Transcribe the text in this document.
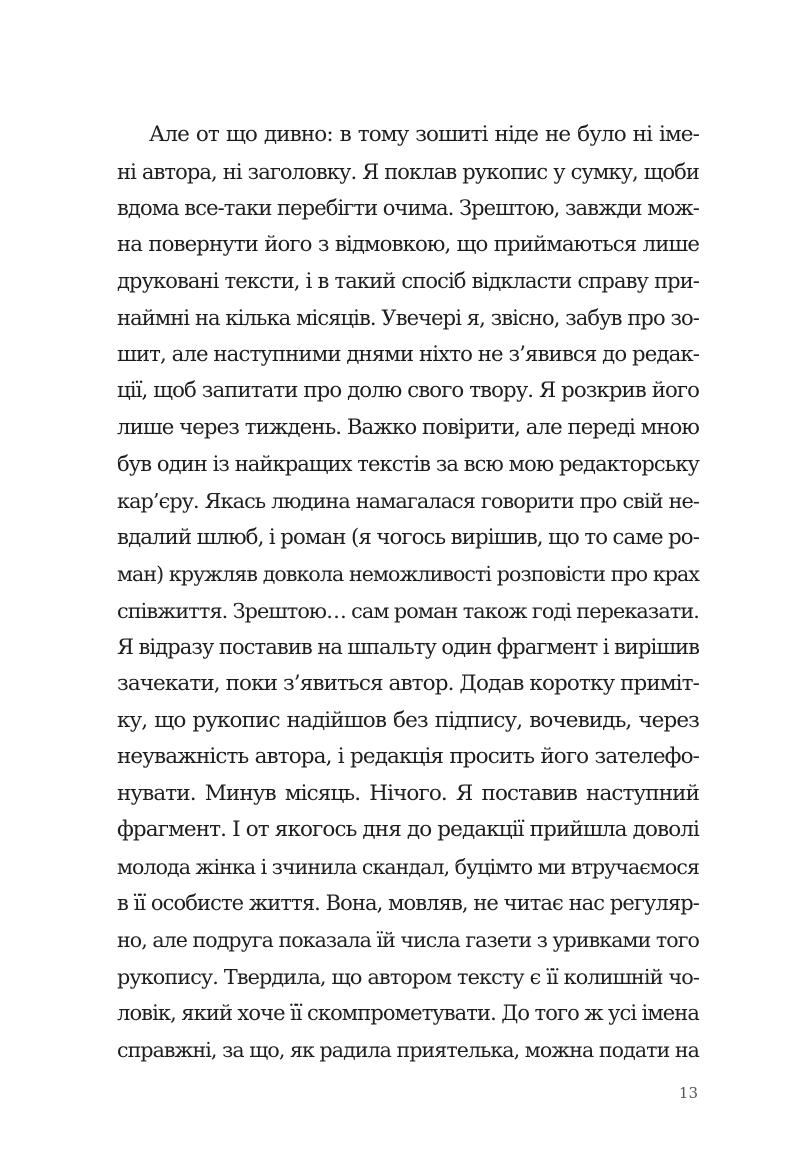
Але от що дивно: в тому зошиті ніде не було ні іме-
ні автора, ні заголовку. Я поклав рукопис у сумку, щоби
вдома все-таки перебігти очима. Зрештою, завжди мож-
на повернути його з відмовкою, що приймаються лише
друковані тексти, і в такий спосіб відкласти справу при-
наймні на кілька місяців. Увечері я, звісно, забув про зо-
шит, але наступними днями ніхто не з’явився до редак-
ції, щоб запитати про долю свого твору. Я розкрив його
лише через тиждень. Важко повірити, але переді мною
був один із найкращих текстів за всю мою редакторську
кар’єру. Якась людина намагалася говорити про свій не-
вдалий шлюб, і роман (я чогось вирішив, що то саме ро-
ман) кружляв довкола неможливості розповісти про крах
співжиття. Зрештою… сам роман також годі переказати.
Я відразу поставив на шпальту один фрагмент і вирішив
зачекати, поки з’явиться автор. Додав коротку приміт-
ку, що рукопис надійшов без підпису, вочевидь, через
неуважність автора, і редакція просить його зателефо-
нувати. Минув місяць. Нічого. Я поставив наступний
фрагмент. І от якогось дня до редакції прийшла доволі
молода жінка і зчинила скандал, буцімто ми втручаємося
в її особисте життя. Вона, мовляв, не читає нас регуляр-
но, але подруга показала їй числа газети з уривками того
рукопису. Твердила, що автором тексту є її колишній чо-
ловік, який хоче її скомпрометувати. До того ж усі імена
справжні, за що, як радила приятелька, можна подати на
13
